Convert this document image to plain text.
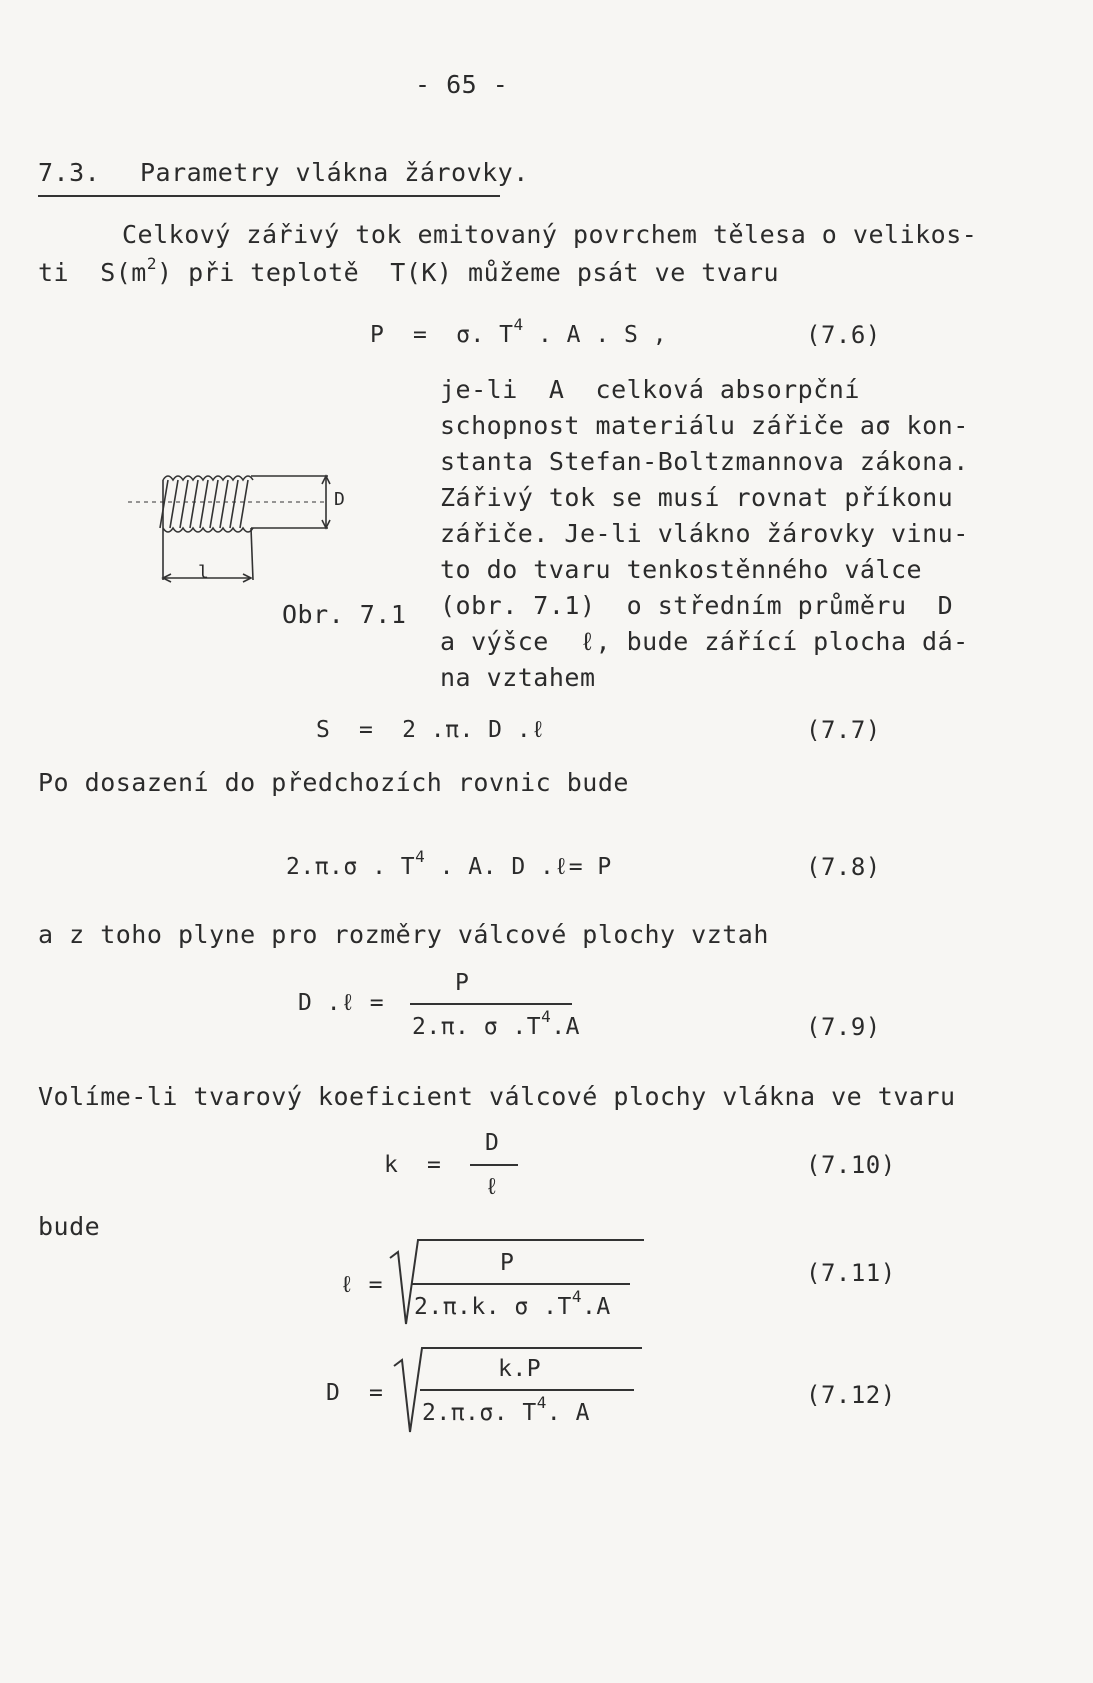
- 65 -
7.3. Parametry vlákna žárovky.
Celkový zářivý tok emitovaný povrchem tělesa o velikos-
ti  $S(m^2)$ při teplotě  T(K) můžeme psát ve tvaru
P  =  σ. $T^4$ . A . S ,	(7.6)
je-li  A  celková absorpční
schopnost materiálu zářiče aσ kon-
stanta Stefan-Boltzmannova zákona.
Zářivý tok se musí rovnat příkonu
zářiče. Je-li vlákno žárovky vinu-
to do tvaru tenkostěnného válce
(obr. 7.1)  o středním průměru  D
a výšce  ℓ, bude zářící plocha dá-
na vztahem
D
l
Obr. 7.1
S  =  2 .π. D .ℓ	(7.7)
Po dosazení do předchozích rovnic bude
2.π.σ . $T^4$ . A. D .ℓ= P	(7.8)
a z toho plyne pro rozměry válcové plochy vztah
D .ℓ =
P
2.π. σ $.T^4.A$	(7.9)
Volíme-li tvarový koeficient válcové plochy vlákna ve tvaru
k  =
D
ℓ
(7.10)
bude
ℓ =
P
2.π.k. σ $.T^4.A$
(7.11)
D  =
k.P
2.π.σ. $T^4$. A
(7.12)
